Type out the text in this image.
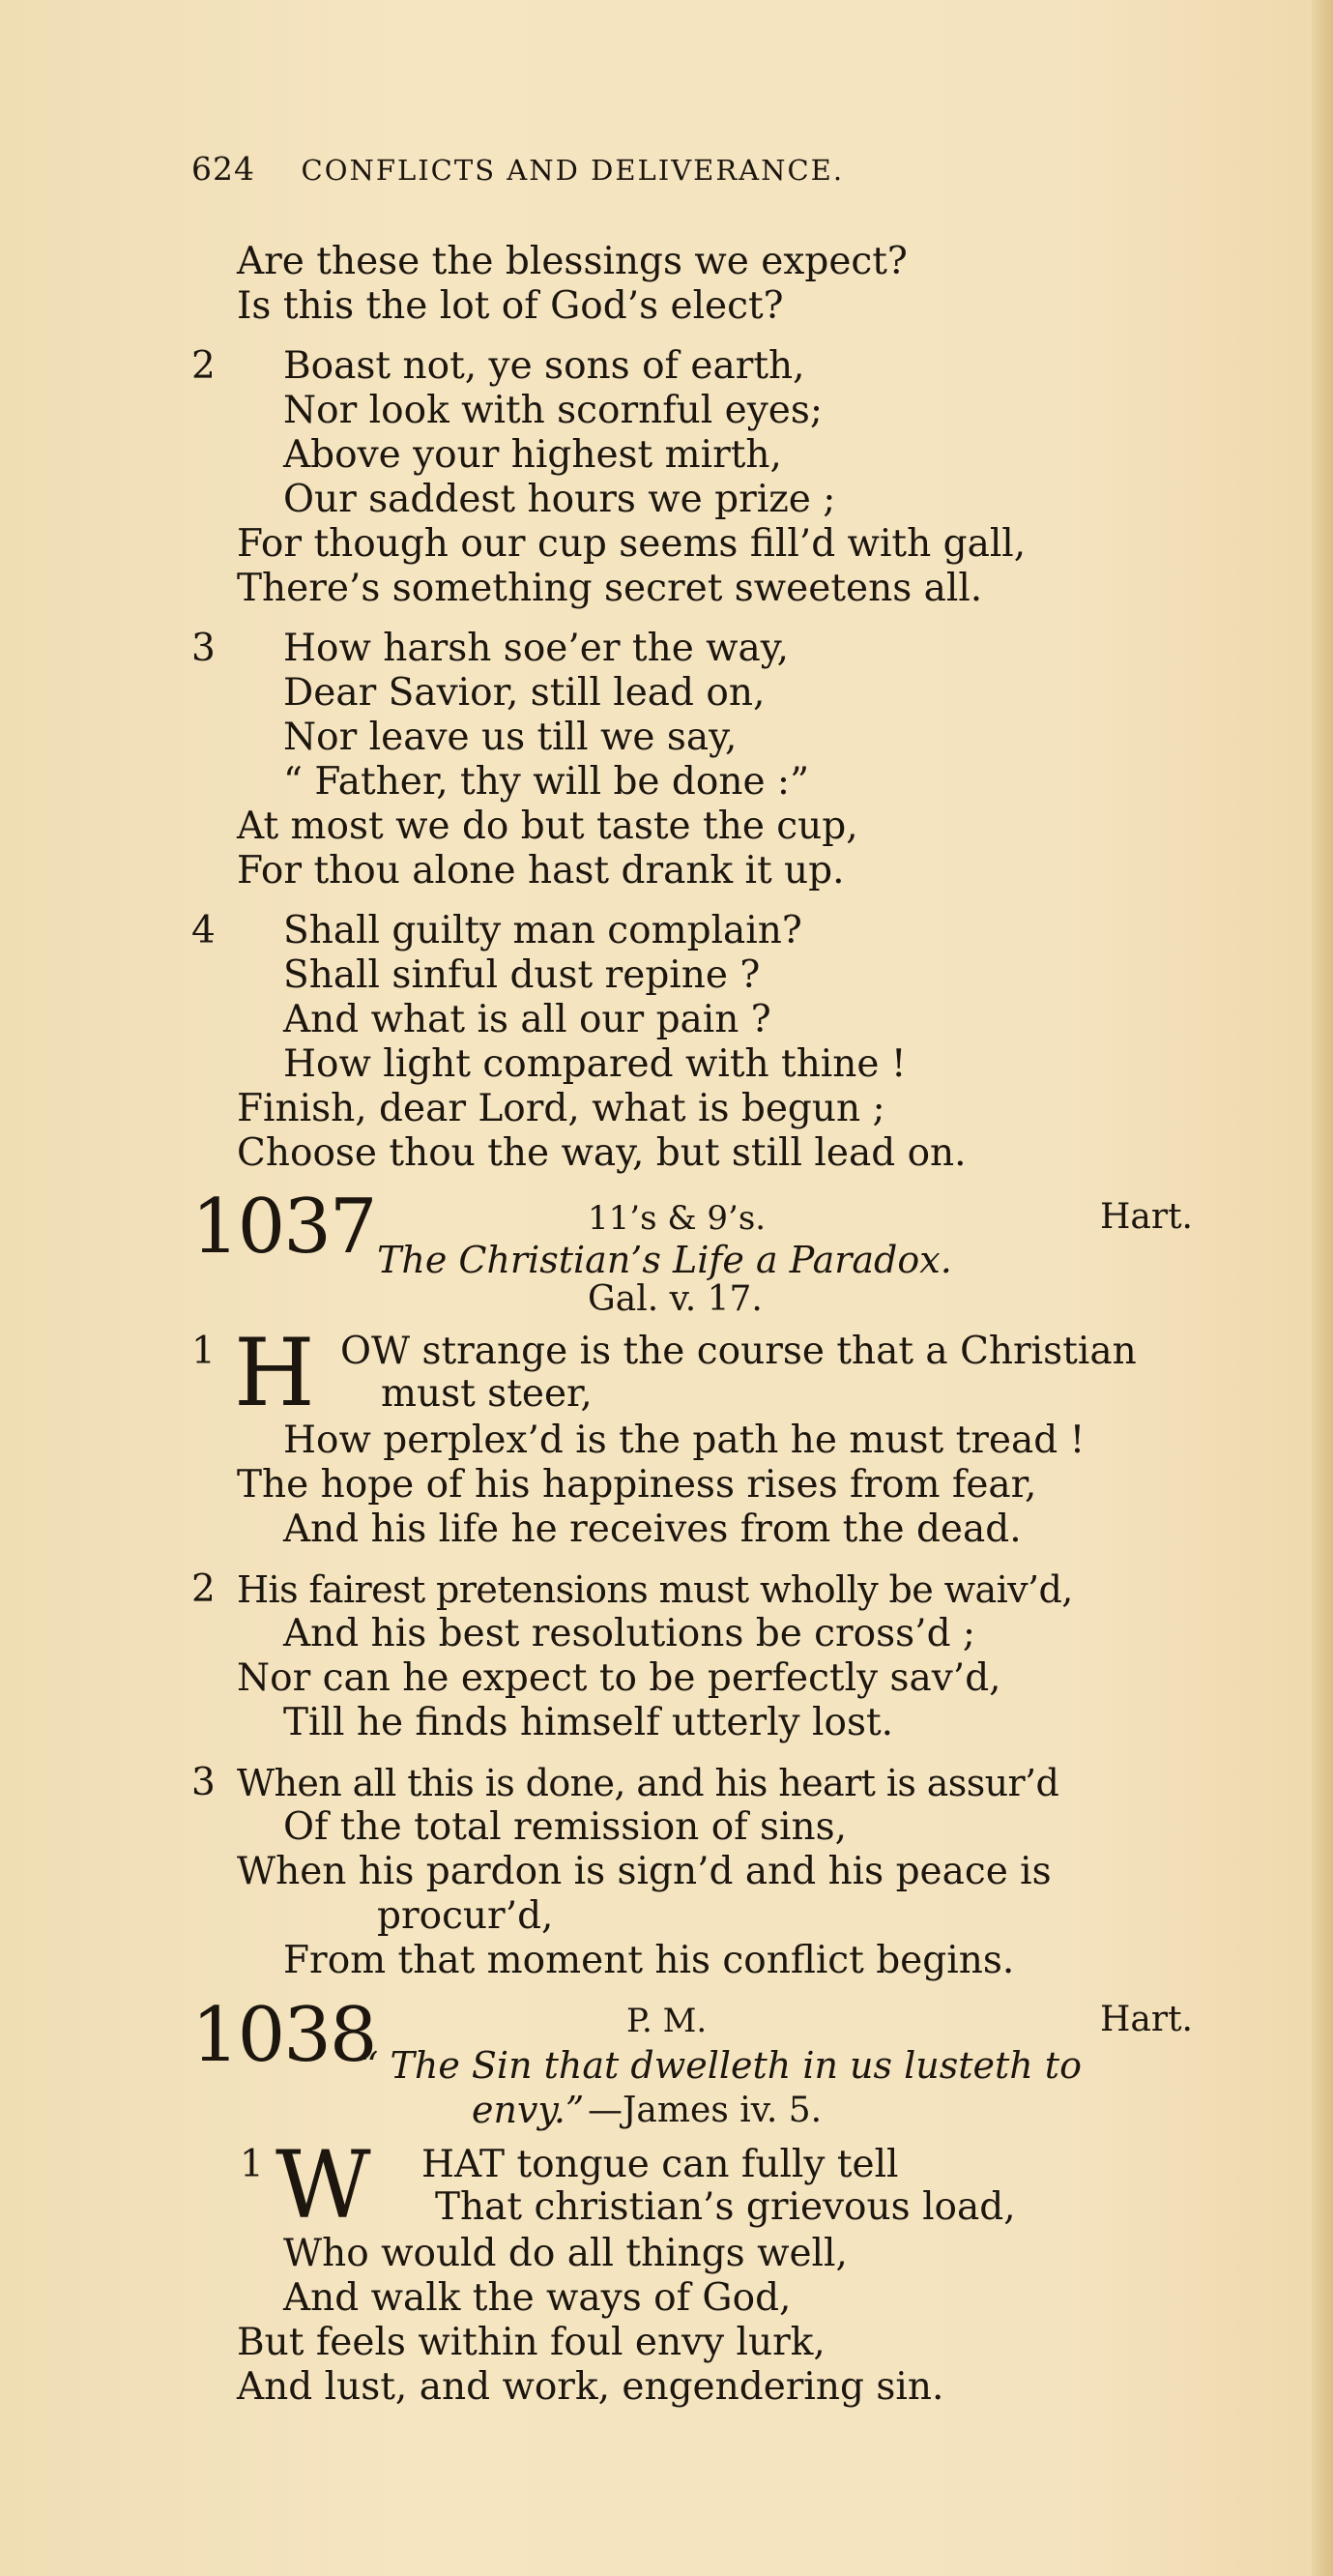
624 CONFLICTS AND DELIVERANCE.
Are these the blessings we expect?
Is this the lot of God’s elect?
2 Boast not, ye sons of earth,
Nor look with scornful eyes;
Above your highest mirth,
Our saddest hours we prize ;
For though our cup seems fill’d with gall,
There’s something secret sweetens all.
3 How harsh soe’er the way,
Dear Savior, still lead on,
Nor leave us till we say,
“ Father, thy will be done :”
At most we do but taste the cup,
For thou alone hast drank it up.
4 Shall guilty man complain?
Shall sinful dust repine ?
And what is all our pain ?
How light compared with thine !
Finish, dear Lord, what is begun ;
Choose thou the way, but still lead on.
1037	11’s & 9’s.	Hart.
The Christian’s Life a Paradox.
Gal. v. 17.
1 H OW strange is the course that a Christian
must steer,
How perplex’d is the path he must tread !
The hope of his happiness rises from fear,
And his life he receives from the dead.
2 His fairest pretensions must wholly be waiv’d,
And his best resolutions be cross’d ;
Nor can he expect to be perfectly sav’d,
Till he finds himself utterly lost.
3 When all this is done, and his heart is assur’d
Of the total remission of sins,
When his pardon is sign’d and his peace is
procur’d,
From that moment his conflict begins.
1038	P. M.	Hart.
“ The Sin that dwelleth in us lusteth to
envy.” —James iv. 5.
1 W HAT tongue can fully tell
That christian’s grievous load,
Who would do all things well,
And walk the ways of God,
But feels within foul envy lurk,
And lust, and work, engendering sin.
